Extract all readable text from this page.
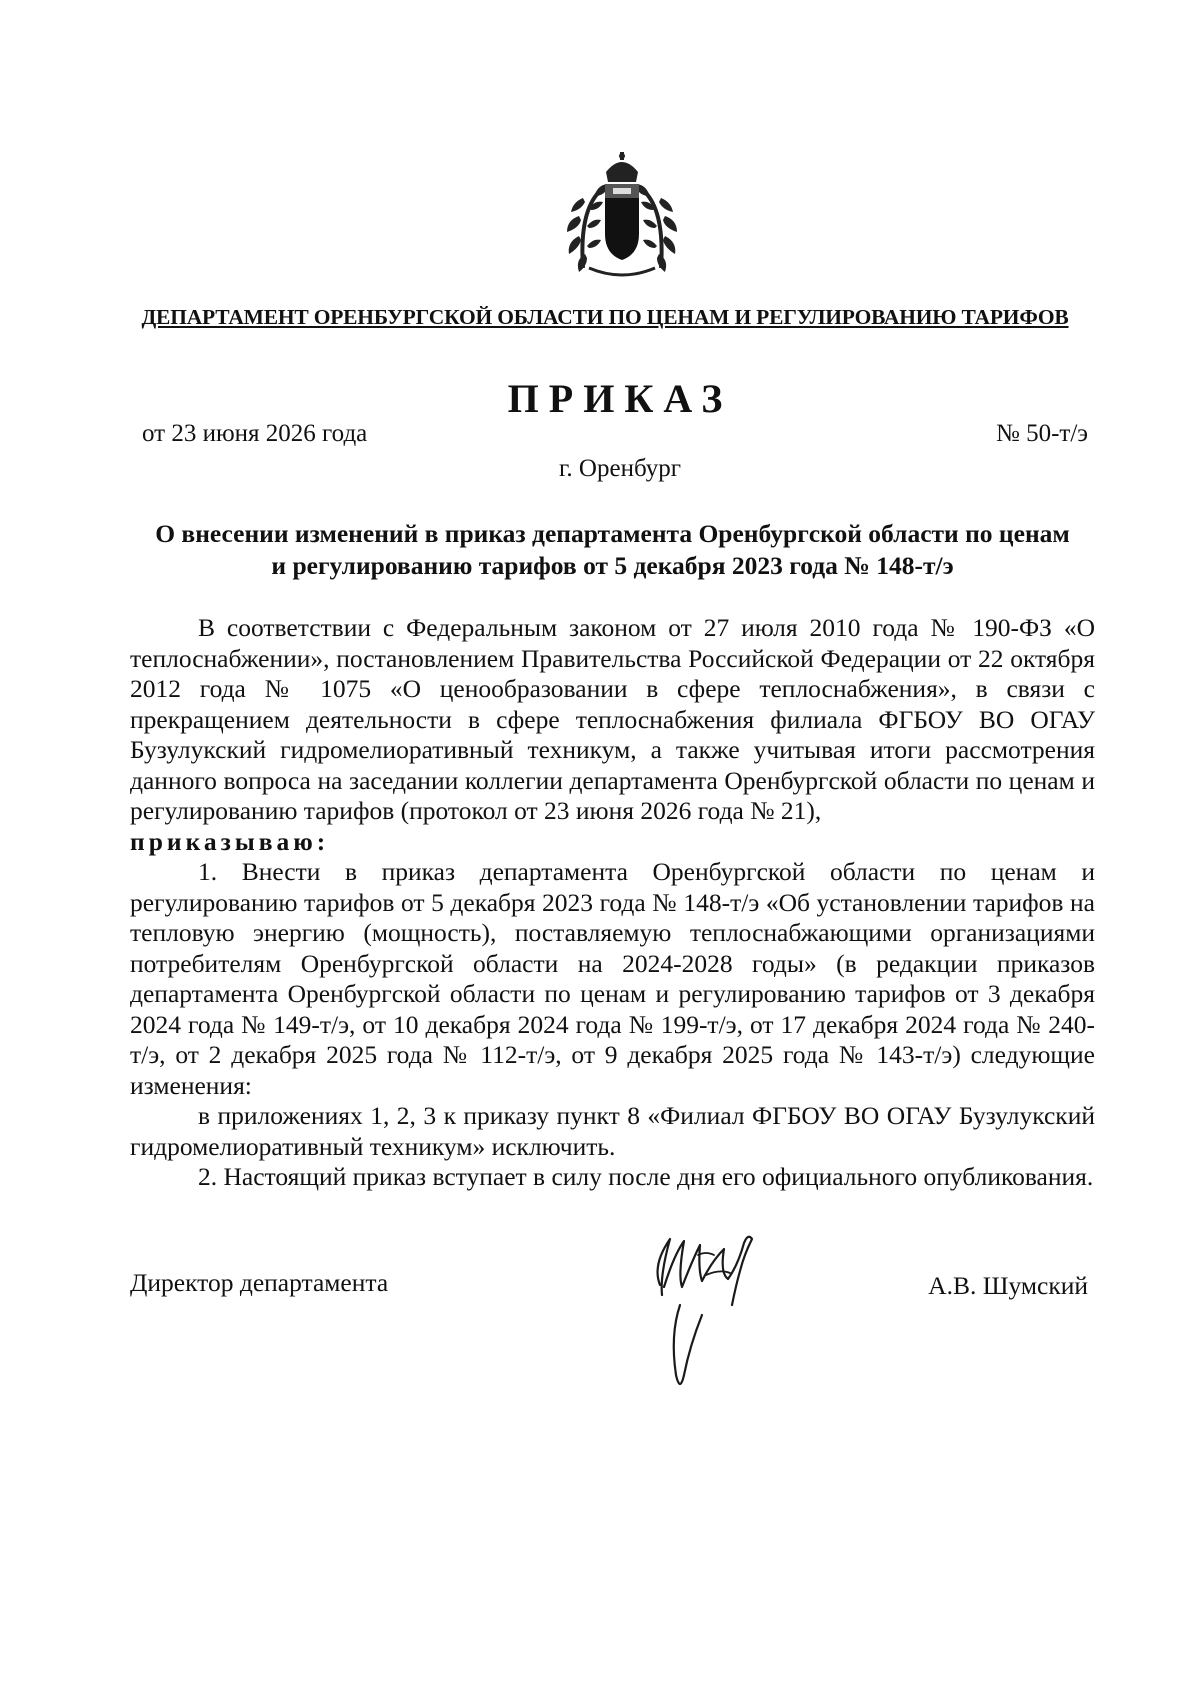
ДЕПАРТАМЕНТ ОРЕНБУРГСКОЙ ОБЛАСТИ ПО ЦЕНАМ И РЕГУЛИРОВАНИЮ ТАРИФОВ
ПРИКАЗ
от 23 июня 2026 года	№ 50-т/э
г. Оренбург
О внесении изменений в приказ департамента Оренбургской области по ценам
и регулированию тарифов от 5 декабря 2023 года № 148-т/э

В соответствии с Федеральным законом от 27 июля 2010 года № 190-ФЗ «О теплоснабжении», постановлением Правительства Российской Федерации от 22 октября 2012 года № 1075 «О ценообразовании в сфере теплоснабжения», в связи с прекращением деятельности в сфере теплоснабжения филиала ФГБОУ ВО ОГАУ Бузулукский гидромелиоративный техникум, а также учитывая итоги рассмотрения данного вопроса на заседании коллегии департамента Оренбургской области по ценам и регулированию тарифов (протокол от 23 июня 2026 года № 21),

приказываю:

1. Внести в приказ департамента Оренбургской области по ценам и регулированию тарифов от 5 декабря 2023 года № 148-т/э «Об установлении тарифов на тепловую энергию (мощность), поставляемую теплоснабжающими организациями потребителям Оренбургской области на 2024-2028 годы» (в редакции приказов департамента Оренбургской области по ценам и регулированию тарифов от 3 декабря 2024 года № 149-т/э, от 10 декабря 2024 года № 199-т/э, от 17 декабря 2024 года № 240-т/э, от 2 декабря 2025 года № 112-т/э, от 9 декабря 2025 года № 143-т/э) следующие изменения:

в приложениях 1, 2, 3 к приказу пункт 8 «Филиал ФГБОУ ВО ОГАУ Бузулукский гидромелиоративный техникум» исключить.

2. Настоящий приказ вступает в силу после дня его официального опубликования.

Директор департамента	А.В. Шумский
